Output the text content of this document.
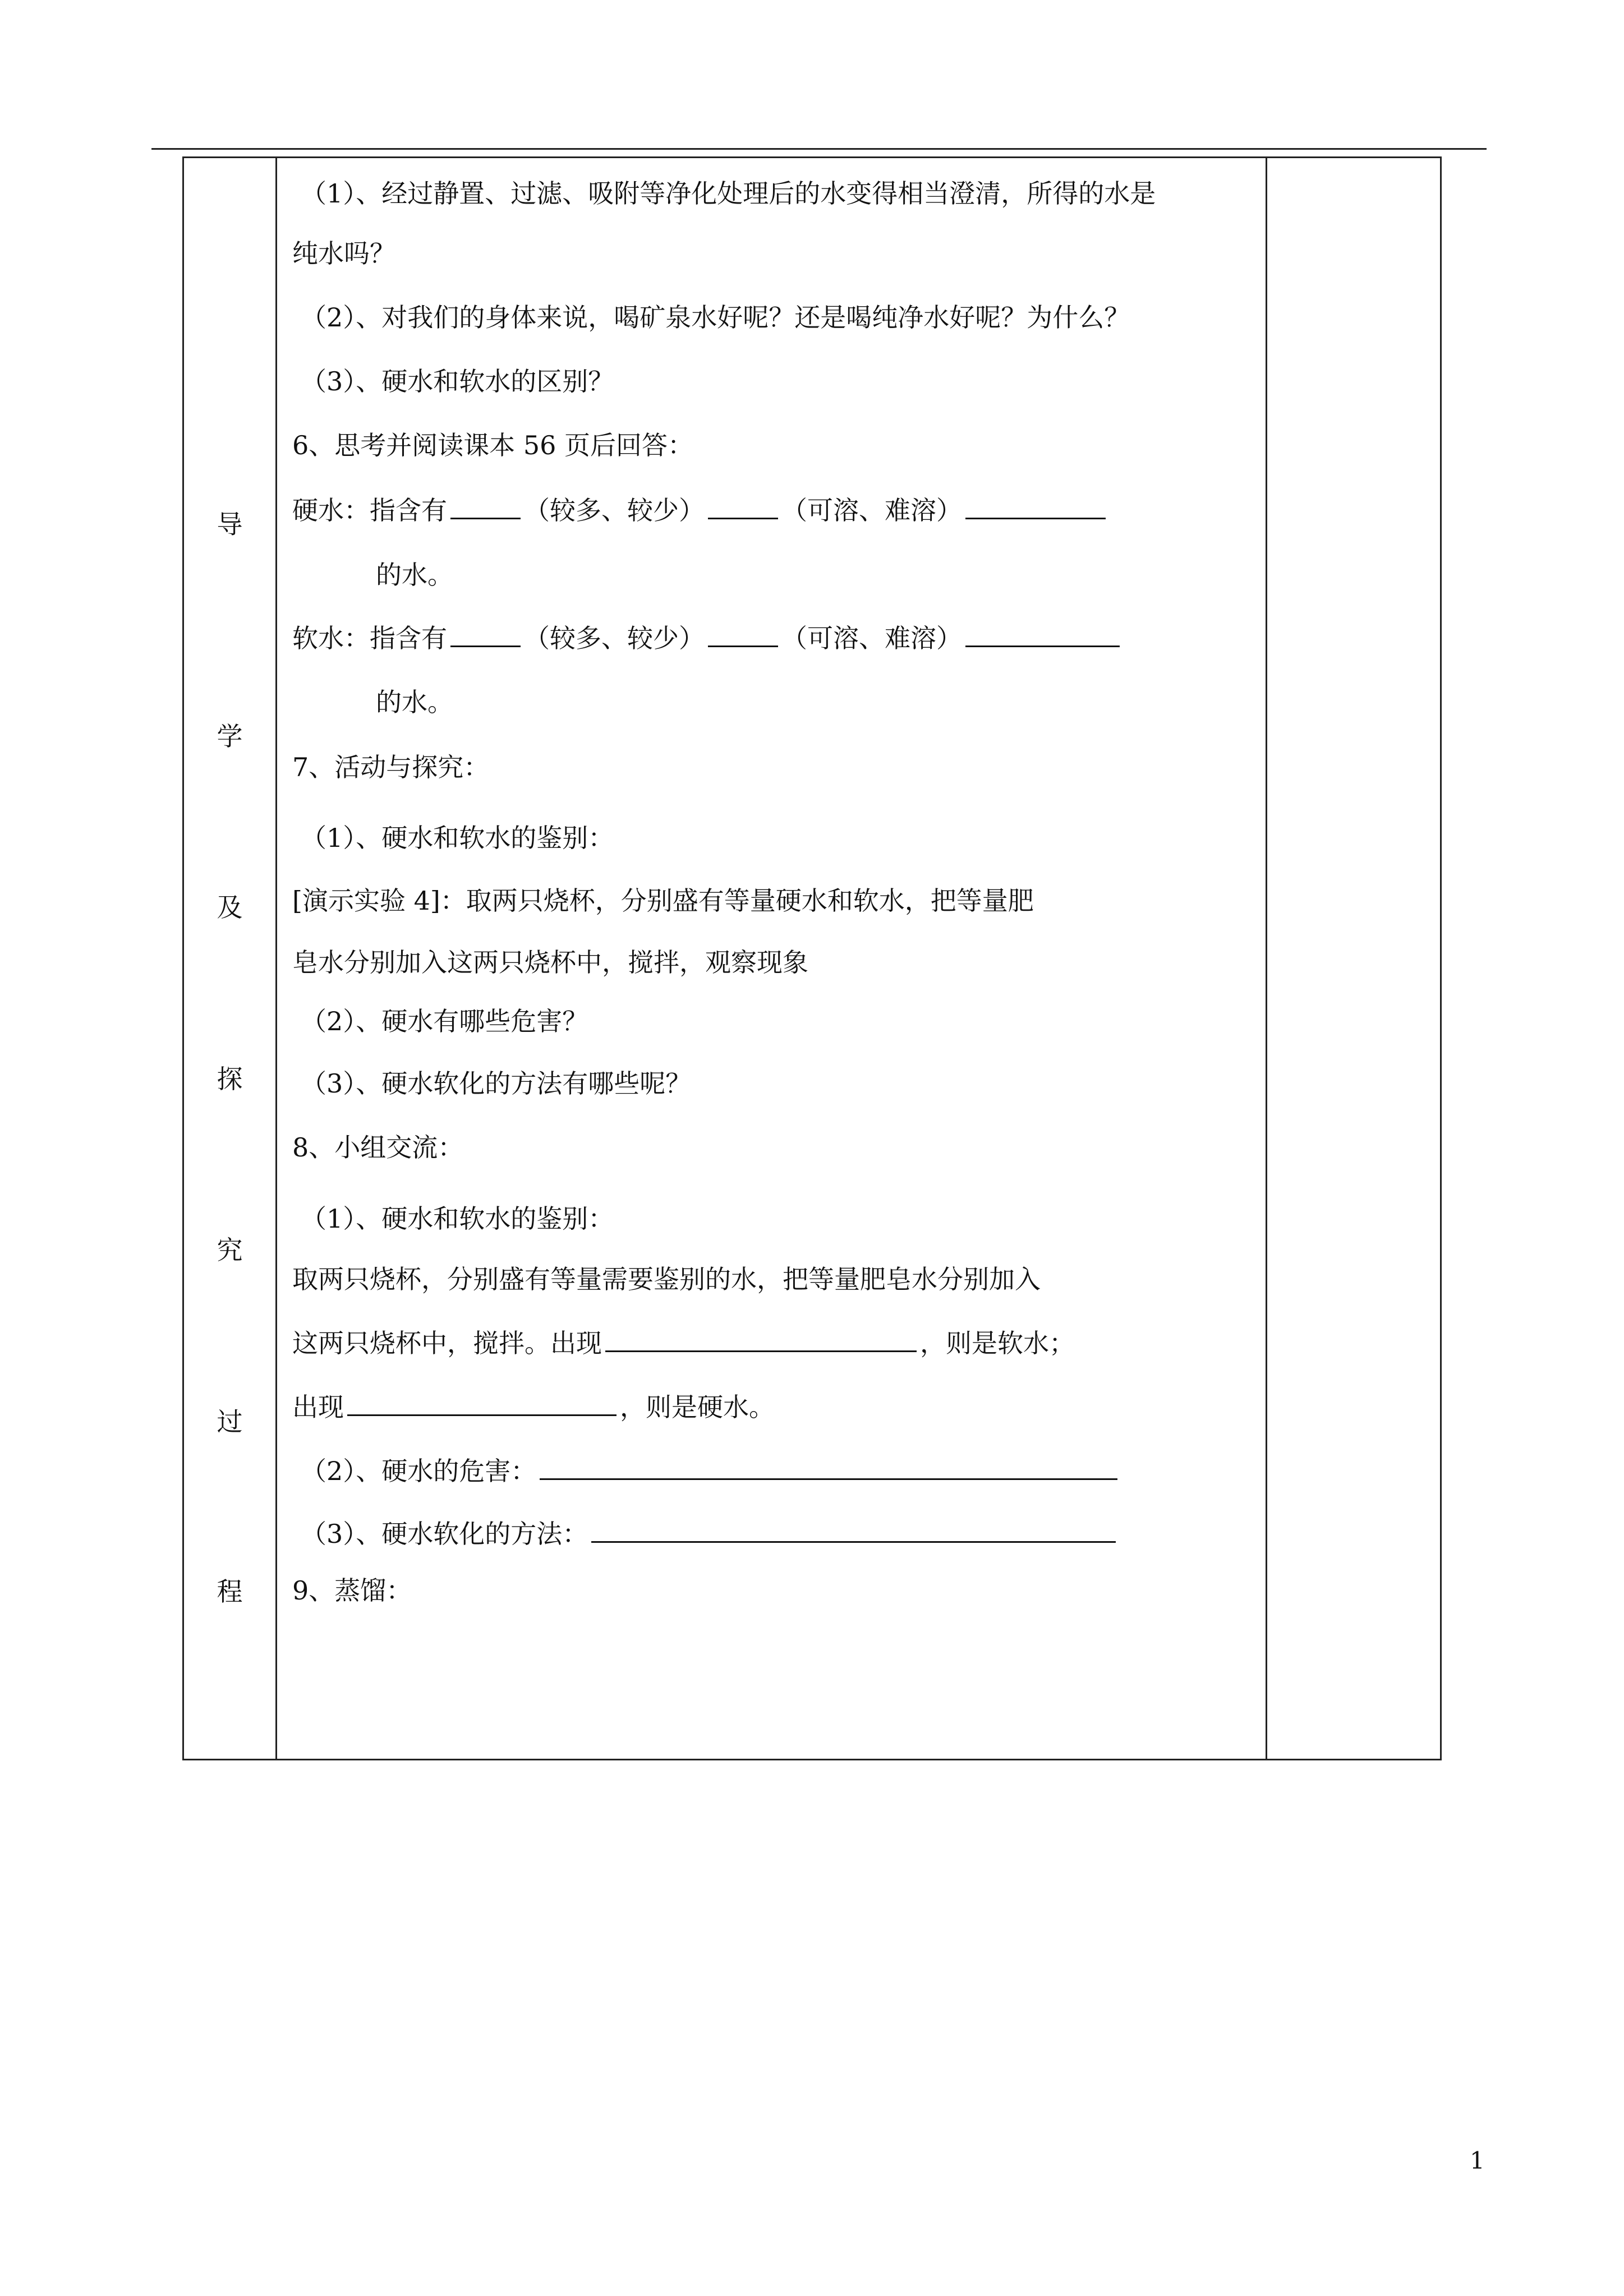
导
学
及
探
究
过
程
（1）、经过静置、过滤、吸附等净化处理后的水变得相当澄清，所得的水是
纯水吗？
（2）、对我们的身体来说，喝矿泉水好呢？还是喝纯净水好呢？为什么？
（3）、硬水和软水的区别？
6、思考并阅读课本 56 页后回答：
硬水：指含有	（较多、较少）	（可溶、难溶）
的水。
软水：指含有	（较多、较少）	（可溶、难溶）
的水。
7、活动与探究：
（1）、硬水和软水的鉴别：
[演示实验 4]：取两只烧杯，分别盛有等量硬水和软水，把等量肥
皂水分别加入这两只烧杯中，搅拌，观察现象
（2）、硬水有哪些危害？
（3）、硬水软化的方法有哪些呢？
8、小组交流：
（1）、硬水和软水的鉴别：
取两只烧杯，分别盛有等量需要鉴别的水，把等量肥皂水分别加入
这两只烧杯中，搅拌。出现	，则是软水；
出现	，则是硬水。
（2）、硬水的危害：
（3）、硬水软化的方法：
9、蒸馏：
1
